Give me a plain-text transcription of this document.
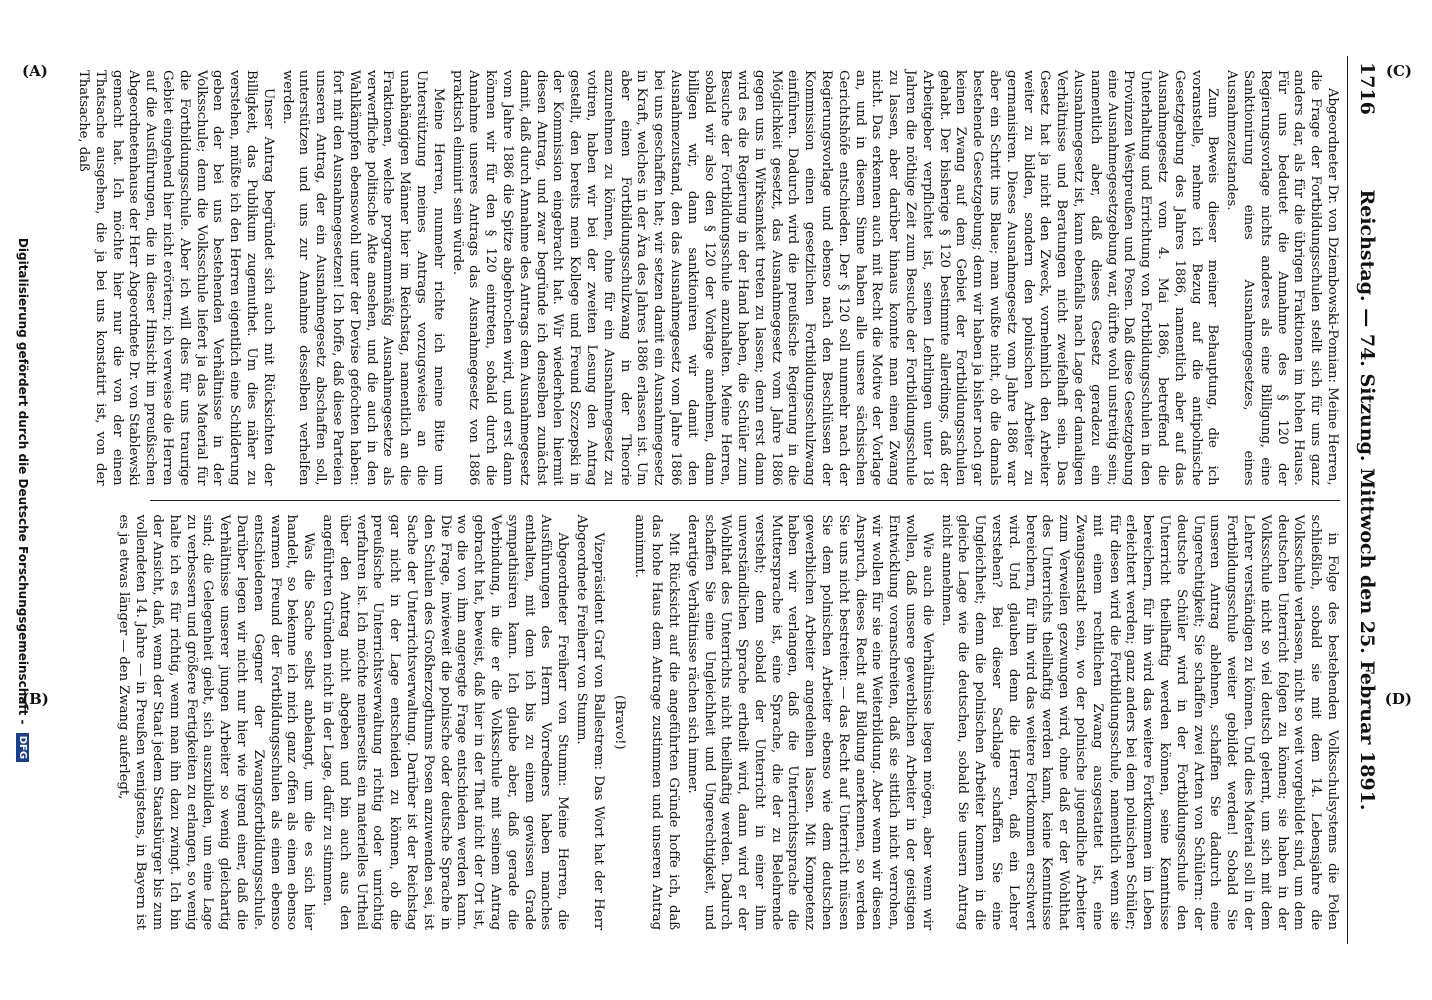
1716
Reichstag. — 74. Sitzung. Mittwoch den 25. Februar 1891.

Abgeordneter Dr. von Dziembowski-Pomian: Meine Herren, die Frage der Fortbildungsschulen stellt sich für uns ganz anders dar, als für die übrigen Fraktionen im hohen Hause. Für uns bedeutet die Annahme des § 120 der Regierungsvorlage nichts anderes als eine Billigung, eine Sanktionirung eines Ausnahmegesetzes, eines Ausnahmezustandes.

Zum Beweis dieser meiner Behauptung, die ich voranstelle, nehme ich Bezug auf die antipolnische Gesetzgebung des Jahres 1886, namentlich aber auf das Ausnahmegesetz vom 4. Mai 1886, betreffend die Unterhaltung und Errichtung von Fortbildungsschulen in den Provinzen Westpreußen und Posen. Daß diese Gesetzgebung eine Ausnahmegesetzgebung war, dürfte wohl unstreitig sein; namentlich aber, daß dieses Gesetz geradezu ein Ausnahmegesetz ist, kann ebenfalls nach Lage der damaligen Verhältnisse und Beratungen nicht zweifelhaft sein. Das Gesetz hat ja nicht den Zweck, vornehmlich den Arbeiter weiter zu bilden, sondern den polnischen Arbeiter zu germanisiren. Dieses Ausnahmegesetz vom Jahre 1886 war aber ein Schritt ins Blaue; man wußte nicht, ob die damals bestehende Gesetzgebung; denn wir haben ja bisher noch gar keinen Zwang auf dem Gebiet der Fortbildungsschulen gehabt. Der bisherige § 120 bestimmte allerdings, daß der Arbeitgeber verpflichtet ist, seinen Lehrlingen unter 18 Jahren die nöthige Zeit zum Besuche der Fortbildungsschule zu lassen, aber darüber hinaus konnte man einen Zwang nicht. Das erkennen auch mit Recht die Motive der Vorlage an, und in diesem Sinne haben alle unsere sächsischen Gerichtshöfe entschieden. Der § 120 soll nunmehr nach der Regierungsvorlage und ebenso nach den Beschlüssen der Kommission einen gesetzlichen Fortbildungsschulzwang einführen. Dadurch wird die preußische Regierung in die Möglichkeit gesetzt, das Ausnahmegesetz vom Jahre 1886 gegen uns in Wirksamkeit treten zu lassen; denn erst dann wird es die Regierung in der Hand haben, die Schüler zum Besuche der Fortbildungsschule anzuhalten. Meine Herren, sobald wir also den § 120 der Vorlage annehmen, dann billigen wir, dann sanktioniren wir damit den Ausnahmezustand, den das Ausnahmegesetz vom Jahre 1886 bei uns geschaffen hat; wir setzen damit ein Ausnahmegesetz in Kraft, welches in der Ära des Jahres 1886 erlassen ist. Um aber einen Fortbildungsschulzwang in der Theorie anzunehmen zu können, ohne für ein Ausnahmegesetz zu votiren, haben wir bei der zweiten Lesung den Antrag gestellt, den bereits mein Kollege und Freund Szczepski in der Kommission eingebracht hat. Wir wiederholen hiermit diesen Antrag, und zwar begründe ich denselben zunächst damit, daß durch Annahme des Antrags dem Ausnahmegesetz vom Jahre 1886 die Spitze abgebrochen wird, und erst dann können wir für den § 120 eintreten, sobald durch die Annahme unseres Antrags das Ausnahmegesetz von 1886 praktisch eliminirt sein würde.

Meine Herren, nunmehr richte ich meine Bitte um Unterstützung meines Antrags vorzugsweise an die unabhängigen Männer hier im Reichstag, namentlich an die Fraktionen, welche programmmäßig Ausnahmegesetze als verwerfliche politische Akte ansehen, und die auch in den Wahlkämpfen ebensowohl unter der Devise gefochten haben: fort mit den Ausnahmegesetzen! Ich hoffe, daß diese Parteien unseren Antrag, der ein Ausnahmegesetz abschaffen soll, unterstützen und uns zur Annahme desselben verhelfen werden.

Unser Antrag begründet sich auch mit Rücksichten der Billigkeit, das Publikum zugemuthet. Um dies näher zu verstehen, müßte ich den Herren eigentlich eine Schilderung geben der bei uns bestehenden Verhältnisse in der Volksschule; denn die Volksschule liefert ja das Material für die Fortbildungsschule. Aber ich will dies für uns traurige Gebiet eingehend hier nicht erörtern; ich verweise die Herren auf die Ausführungen, die in dieser Hinsicht im preußischen Abgeordnetenhause der Herr Abgeordnete Dr. von Stablewski gemacht hat. Ich möchte hier nur die von der einen Thatsache ausgehen, die ja bei uns konstatirt ist, von der Thatsache, daß

in Folge des bestehenden Volksschulsystems die Polen schließlich, sobald sie mit dem 14. Lebensjahre die Volksschule verlassen, nicht so weit vorgebildet sind, um dem deutschen Unterricht folgen zu können; sie haben in der Volksschule nicht so viel deutsch gelernt, um sich mit dem Lehrer verständigen zu können. Und dies Material soll in der Fortbildungsschule weiter gebildet werden! Sobald Sie unseren Antrag ablehnen, schaffen Sie dadurch eine Ungerechtigkeit; Sie schaffen zwei Arten von Schülern: der deutsche Schüler wird in der Fortbildungsschule den Unterricht theilhaftig werden können, seine Kenntnisse bereichern, für ihn wird das weitere Fortkommen im Leben erleichtert werden; ganz anders bei dem polnischen Schüler; für diesen wird die Fortbildungsschule, namentlich wenn sie mit einem rechtlichen Zwang ausgestattet ist, eine Zwangsanstalt sein, wo der polnische jugendliche Arbeiter zum Verweilen gezwungen wird, ohne daß er der Wohlthat des Unterrichts theilhaftig werden kann, keine Kenntnisse bereichern, für ihn wird das weitere Fortkommen erschwert wird. Und glauben denn die Herren, daß ein Lehrer verstehen? Bei dieser Sachlage schaffen Sie eine Ungleichheit; denn die polnischen Arbeiter kommen in die gleiche Lage wie die deutschen, sobald Sie unsern Antrag nicht annehmen.

Wie auch die Verhältnisse liegen mögen, aber wenn wir wollen, daß unsere gewerblichen Arbeiter in der geistigen Entwicklung voranschreiten, daß sie sittlich nicht verrohen, wir wollen für sie eine Weiterbildung. Aber wenn wir diesen Anspruch, dieses Recht auf Bildung anerkennen, so werden Sie uns nicht bestreiten: — das Recht auf Unterricht müssen Sie dem polnischen Arbeiter ebenso wie dem deutschen gewerblichen Arbeiter angedeihen lassen. Mit Kompetenz haben wir verlangen, daß die Unterrichtssprache die Muttersprache ist, eine Sprache, die der zu Belehrende versteht; denn sobald der Unterricht in einer ihm unverständlichen Sprache ertheilt wird, dann wird er der Wohlthat des Unterrichts nicht theilhaftig werden. Dadurch schaffen Sie eine Ungleichheit und Ungerechtigkeit, und derartige Verhältnisse rächen sich immer.

Mit Rücksicht auf die angeführten Gründe hoffe ich, daß das hohe Haus dem Antrage zustimmen und unseren Antrag annimmt.

(Bravo!)

Vizepräsident Graf von Ballestrem: Das Wort hat der Herr Abgeordnete Freiherr von Stumm.

Abgeordneter Freiherr von Stumm: Meine Herren, die Ausführungen des Herrn Vorredners haben manches enthalten, mit dem ich bis zu einem gewissen Grade sympathisiren kann. Ich glaube aber, daß gerade die Verbindung, in die er die Volksschule mit seinem Antrag gebracht hat, beweist, daß hier in der That nicht der Ort ist, wo die von ihm angeregte Frage entschieden werden kann. Die Frage, inwieweit die polnische oder deutsche Sprache in den Schulen des Großherzogthums Posen anzuwenden sei, ist Sache der Unterrichtsverwaltung. Darüber ist der Reichstag gar nicht in der Lage entscheiden zu können, ob die preußische Unterrichtsverwaltung richtig oder unrichtig verfahren ist. Ich möchte meinerseits ein materielles Urtheil über den Antrag nicht abgeben und bin auch aus den angeführten Gründen nicht in der Lage, dafür zu stimmen.

Was die Sache selbst anbelangt, um die es sich hier handelt, so bekenne ich mich ganz offen als einen ebenso warmen Freund der Fortbildungsschulen als einen ebenso entschiedenen Gegner der Zwangsfortbildungsschule. Darüber legen wir nicht nur hier wie irgend einer, daß die Verhältnisse unserer jungen Arbeiter so wenig gleichartig sind; die Gelegenheit giebt, sich auszubilden, um eine Lage zu verbessern und größere Fertigkeiten zu erlangen, so wenig halte ich es für richtig, wenn man ihn dazu zwingt. Ich bin der Ansicht, daß, wenn der Staat jedem Staatsbürger bis zum vollendeten 14. Jahre — in Preußen wenigstens, in Bayern ist es ja etwas länger — den Zwang auferlegt,

Digitalisierung gefördert durch die Deutsche Forschungsgemeinschaft - DFG
(A)
(B)
(C)
(D)
